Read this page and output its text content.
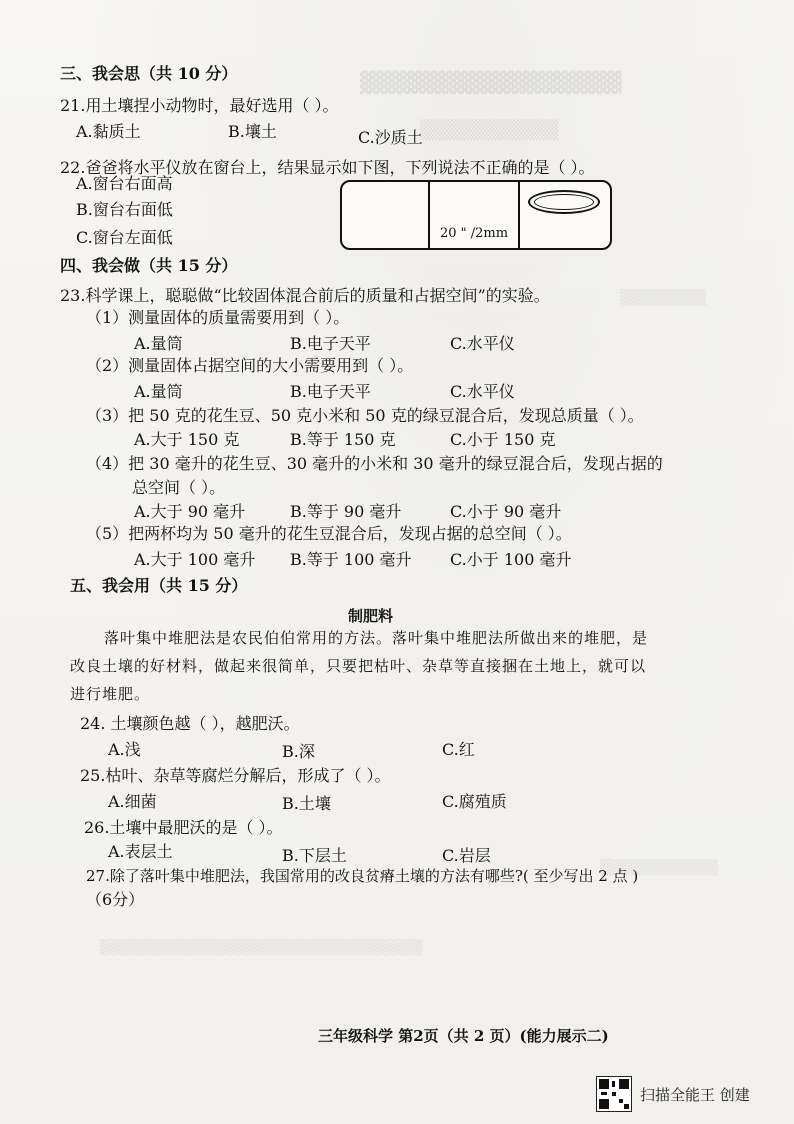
▓▓▓▓▓▓▓▓▓▓▓▓▓▓▓▓▓
▒▒▒▒▒▒▒▒▒▒
▒▒▒▒▒▒▒▒
▒▒▒▒▒▒▒▒▒▒▒
▒▒▒▒▒▒▒▒▒▒▒▒▒▒▒▒▒▒▒▒▒▒▒▒▒▒▒▒▒▒
三、我会思（共 10 分）
21.用土壤捏小动物时，最好选用（ ）。
A.黏质土	B.壤土	C.沙质土
22.爸爸将水平仪放在窗台上，结果显示如下图，下列说法不正确的是（ ）。
A.窗台右面高
B.窗台右面低
C.窗台左面低	20 " /2mm
四、我会做（共 15 分）
23.科学课上，聪聪做“比较固体混合前后的质量和占据空间”的实验。
（1）测量固体的质量需要用到（ ）。
A.量筒	B.电子天平	C.水平仪
（2）测量固体占据空间的大小需要用到（ ）。
A.量筒	B.电子天平	C.水平仪
（3）把 50 克的花生豆、50 克小米和 50 克的绿豆混合后，发现总质量（ ）。
A.大于 150 克	B.等于 150 克	C.小于 150 克
（4）把 30 毫升的花生豆、30 毫升的小米和 30 毫升的绿豆混合后，发现占据的
总空间（ ）。
A.大于 90 毫升	B.等于 90 毫升	C.小于 90 毫升
（5）把两杯均为 50 毫升的花生豆混合后，发现占据的总空间（ ）。
A.大于 100 毫升 B.等于 100 毫升 C.小于 100 毫升
五、我会用（共 15 分）
制肥料
落叶集中堆肥法是农民伯伯常用的方法。落叶集中堆肥法所做出来的堆肥，是
改良土壤的好材料，做起来很简单，只要把枯叶、杂草等直接捆在土地上，就可以
进行堆肥。
24. 土壤颜色越（ ），越肥沃。
A.浅	B.深	C.红
25.枯叶、杂草等腐烂分解后，形成了（ ）。
A.细菌	B.土壤	C.腐殖质
26.土壤中最肥沃的是（ ）。
A.表层土	B.下层土	C.岩层
27.除了落叶集中堆肥法，我国常用的改良贫瘠土壤的方法有哪些?( 至少写出 2 点 )
（6分）
三年级科学 第2页（共 2 页）(能力展示二)
扫描全能王 创建
